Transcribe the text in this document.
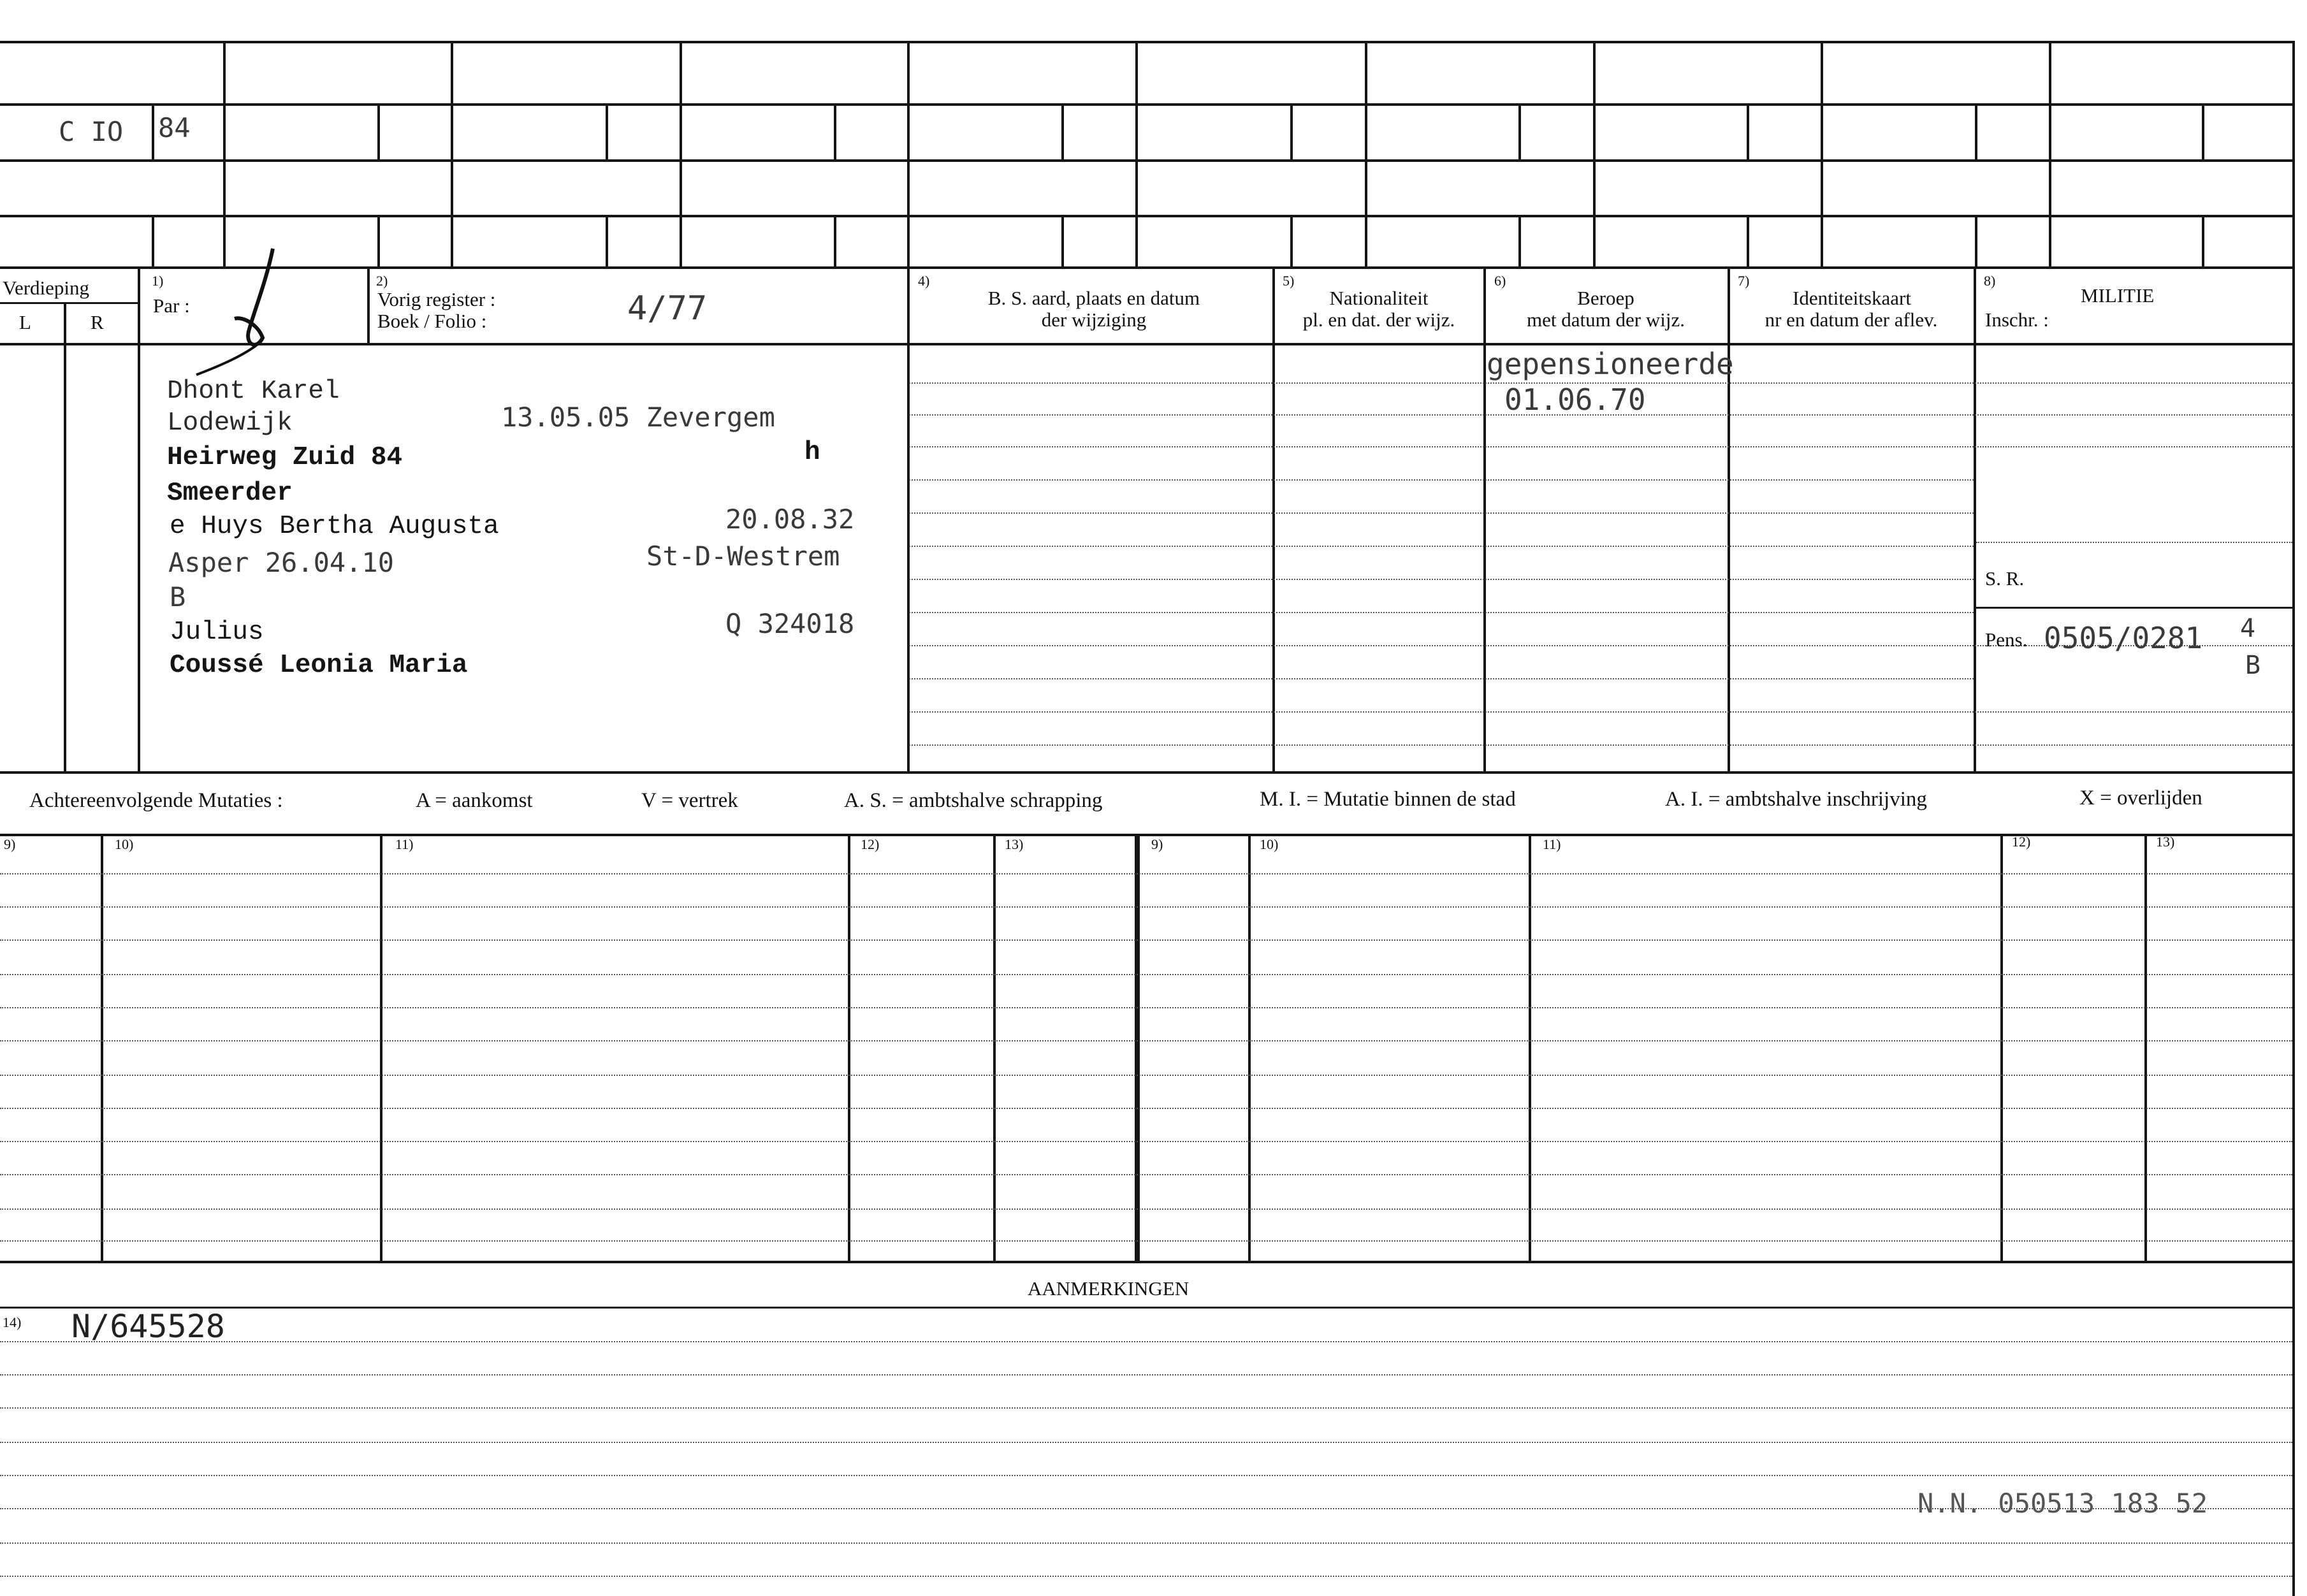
C IO 84
Verdieping
L	R
1)
Par :
2)
Vorig register :
Boek / Folio :	4/77
4)
B. S. aard, plaats en datum
der wijziging
5)
Nationaliteit
pl. en dat. der wijz.
6)
Beroep
met datum der wijz.
7)
Identiteitskaart
nr en datum der aflev.
8)
MILITIE
Inschr. :
Dhont Karel
Lodewijk	13.05.05 Zevergem
Heirweg Zuid 84	h
Smeerder
e Huys Bertha Augusta	20.08.32
Asper 26.04.10	St-D-Westrem
B
Julius	Q 324018
Coussé Leonia Maria
gepensioneerde
01.06.70
S. R.
Pens. 0505/0281 4
B
Achtereenvolgende Mutaties :	A = aankomst	V = vertrek	A. S. = ambtshalve schrapping	M. I. = Mutatie binnen de stad	A. I. = ambtshalve inschrijving	X = overlijden
9)	10)	11)	12)	13)	9)	10)	11)	12)	13)
AANMERKINGEN
14) N/645528
N.N. 050513 183 52
